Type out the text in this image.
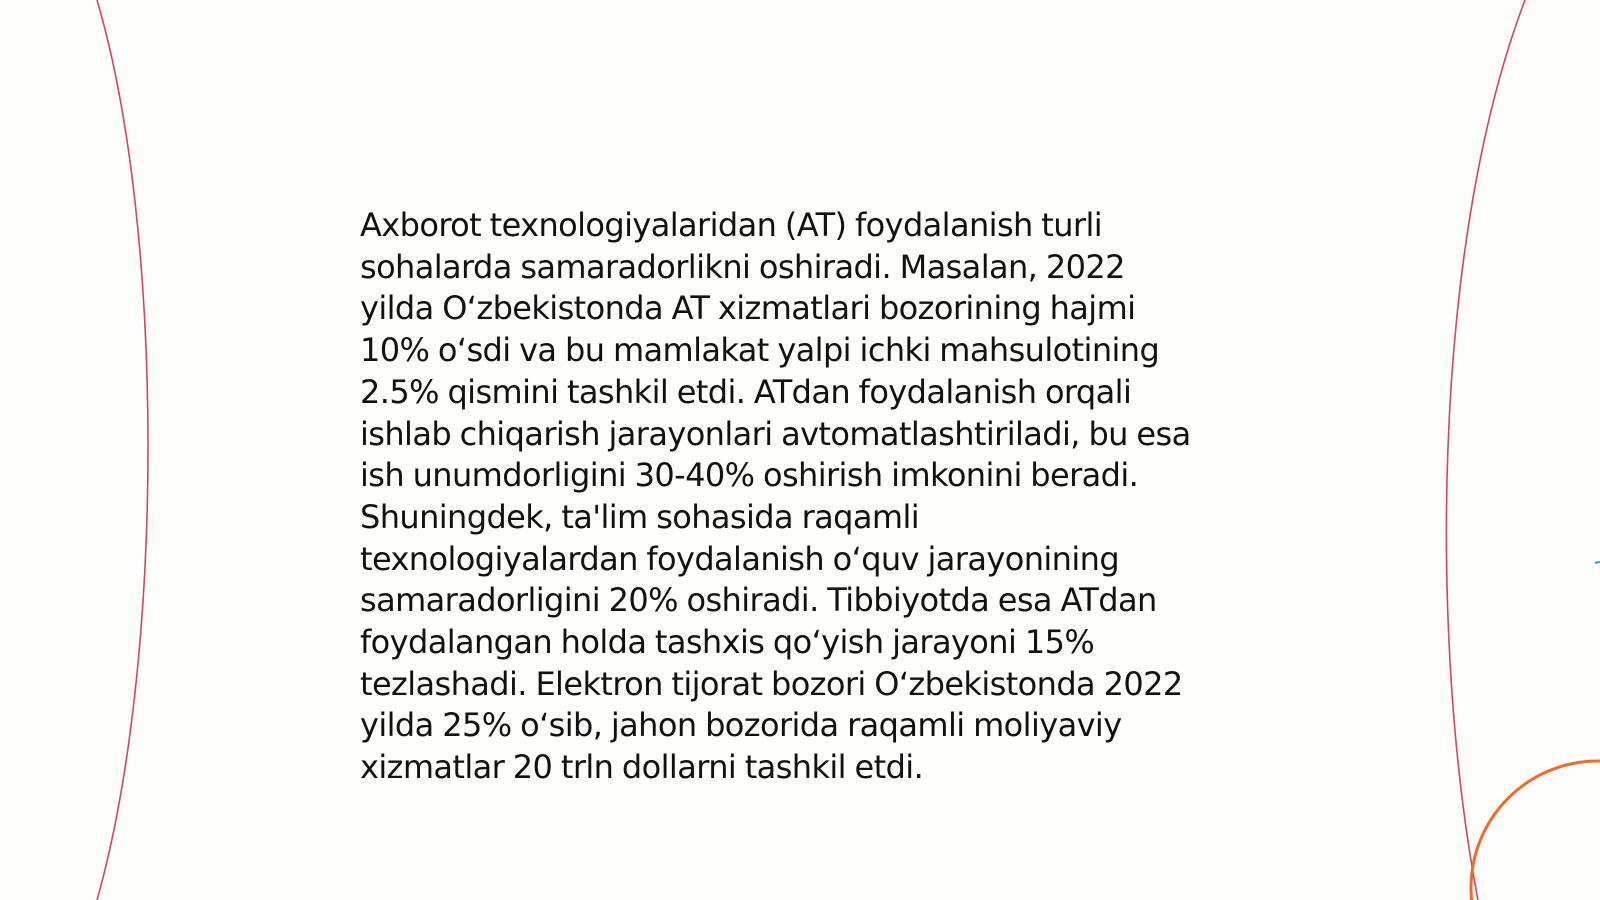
Axborot texnologiyalaridan (AT) foydalanish turli
sohalarda samaradorlikni oshiradi. Masalan, 2022
yilda O‘zbekistonda AT xizmatlari bozorining hajmi
10% o‘sdi va bu mamlakat yalpi ichki mahsulotining
2.5% qismini tashkil etdi. ATdan foydalanish orqali
ishlab chiqarish jarayonlari avtomatlashtiriladi, bu esa
ish unumdorligini 30-40% oshirish imkonini beradi.
Shuningdek, ta'lim sohasida raqamli
texnologiyalardan foydalanish o‘quv jarayonining
samaradorligini 20% oshiradi. Tibbiyotda esa ATdan
foydalangan holda tashxis qo‘yish jarayoni 15%
tezlashadi. Elektron tijorat bozori O‘zbekistonda 2022
yilda 25% o‘sib, jahon bozorida raqamli moliyaviy
xizmatlar 20 trln dollarni tashkil etdi.
